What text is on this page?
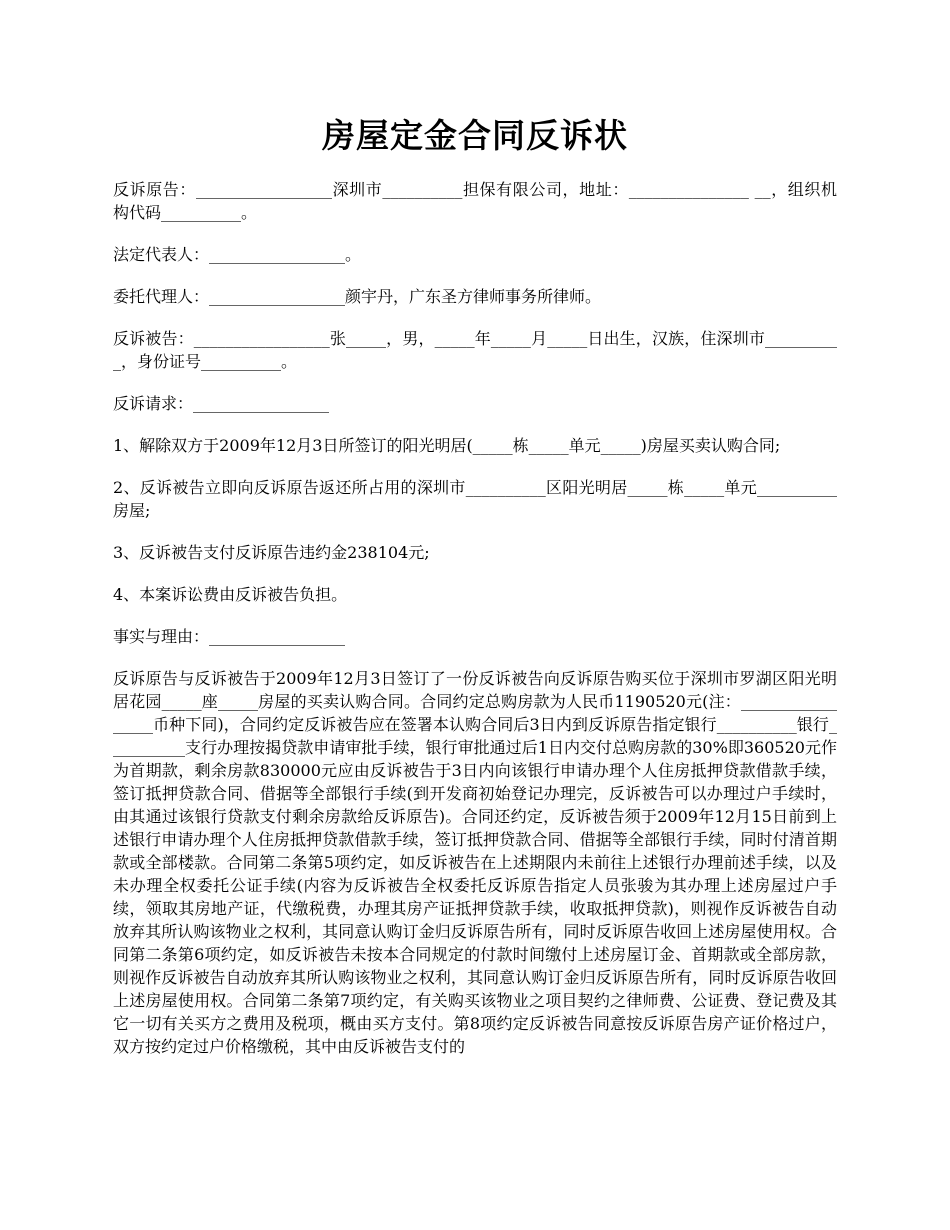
房屋定金合同反诉状

反诉原告：_________________深圳市__________担保有限公司，地址：_______________ __，组织机构代码__________。

法定代表人：_________________。

委托代理人：_________________颜宇丹，广东圣方律师事务所律师。

反诉被告：_________________张_____，男，_____年_____月_____日出生，汉族，住深圳市__________，身份证号__________。

反诉请求：_________________

1、解除双方于2009年12月3日所签订的阳光明居(_____栋_____单元_____)房屋买卖认购合同;

2、反诉被告立即向反诉原告返还所占用的深圳市__________区阳光明居_____栋_____单元__________房屋;

3、反诉被告支付反诉原告违约金238104元;

4、本案诉讼费由反诉被告负担。

事实与理由：_________________

反诉原告与反诉被告于2009年12月3日签订了一份反诉被告向反诉原告购买位于深圳市罗湖区阳光明居花园_____座_____房屋的买卖认购合同。合同约定总购房款为人民币1190520元(注：_________________币种下同)，合同约定反诉被告应在签署本认购合同后3日内到反诉原告指定银行__________银行__________支行办理按揭贷款申请审批手续，银行审批通过后1日内交付总购房款的30%即360520元作为首期款，剩余房款830000元应由反诉被告于3日内向该银行申请办理个人住房抵押贷款借款手续，签订抵押贷款合同、借据等全部银行手续(到开发商初始登记办理完，反诉被告可以办理过户手续时，由其通过该银行贷款支付剩余房款给反诉原告)。合同还约定，反诉被告须于2009年12月15日前到上述银行申请办理个人住房抵押贷款借款手续，签订抵押贷款合同、借据等全部银行手续，同时付清首期款或全部楼款。合同第二条第5项约定，如反诉被告在上述期限内未前往上述银行办理前述手续，以及未办理全权委托公证手续(内容为反诉被告全权委托反诉原告指定人员张骏为其办理上述房屋过户手续，领取其房地产证，代缴税费，办理其房产证抵押贷款手续，收取抵押贷款)，则视作反诉被告自动放弃其所认购该物业之权利，其同意认购订金归反诉原告所有，同时反诉原告收回上述房屋使用权。合同第二条第6项约定，如反诉被告未按本合同规定的付款时间缴付上述房屋订金、首期款或全部房款，则视作反诉被告自动放弃其所认购该物业之权利，其同意认购订金归反诉原告所有，同时反诉原告收回上述房屋使用权。合同第二条第7项约定，有关购买该物业之项目契约之律师费、公证费、登记费及其它一切有关买方之费用及税项，概由买方支付。第8项约定反诉被告同意按反诉原告房产证价格过户，双方按约定过户价格缴税，其中由反诉被告支付的
